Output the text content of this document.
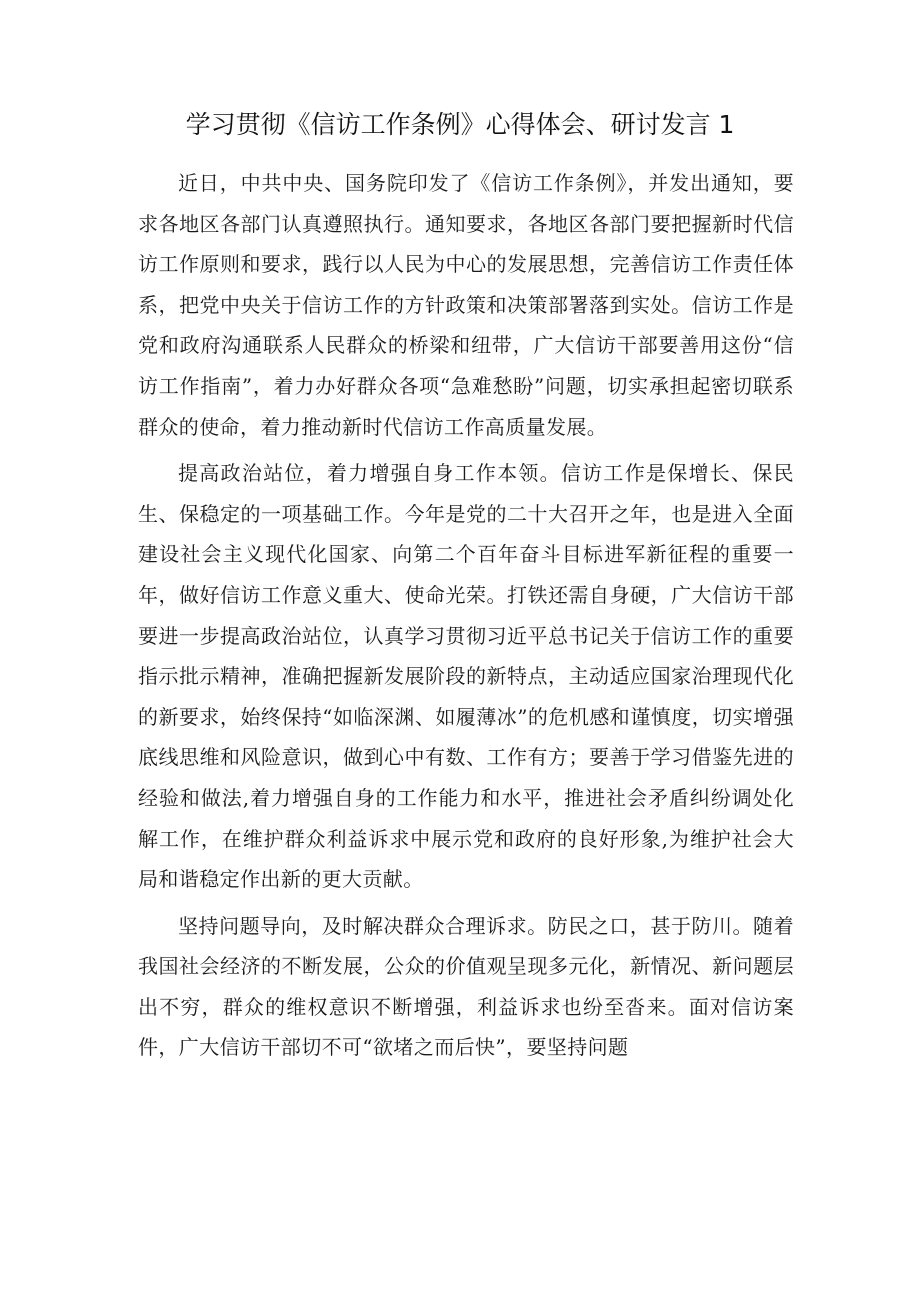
学习贯彻《信访工作条例》心得体会、研讨发言 1

近日，中共中央、国务院印发了《信访工作条例》，并发出通知，要求各地区各部门认真遵照执行。通知要求，各地区各部门要把握新时代信访工作原则和要求，践行以人民为中心的发展思想，完善信访工作责任体系，把党中央关于信访工作的方针政策和决策部署落到实处。信访工作是党和政府沟通联系人民群众的桥梁和纽带，广大信访干部要善用这份“信访工作指南”，着力办好群众各项“急难愁盼”问题，切实承担起密切联系群众的使命，着力推动新时代信访工作高质量发展。

提高政治站位，着力增强自身工作本领。信访工作是保增长、保民生、保稳定的一项基础工作。今年是党的二十大召开之年，也是进入全面建设社会主义现代化国家、向第二个百年奋斗目标进军新征程的重要一年，做好信访工作意义重大、使命光荣。打铁还需自身硬，广大信访干部要进一步提高政治站位，认真学习贯彻习近平总书记关于信访工作的重要指示批示精神，准确把握新发展阶段的新特点，主动适应国家治理现代化的新要求，始终保持“如临深渊、如履薄冰”的危机感和谨慎度，切实增强底线思维和风险意识，做到心中有数、工作有方；要善于学习借鉴先进的经验和做法,着力增强自身的工作能力和水平，推进社会矛盾纠纷调处化解工作，在维护群众利益诉求中展示党和政府的良好形象,为维护社会大局和谐稳定作出新的更大贡献。

坚持问题导向，及时解决群众合理诉求。防民之口，甚于防川。随着我国社会经济的不断发展，公众的价值观呈现多元化，新情况、新问题层出不穷，群众的维权意识不断增强，利益诉求也纷至沓来。面对信访案件，广大信访干部切不可“欲堵之而后快”，要坚持问题
